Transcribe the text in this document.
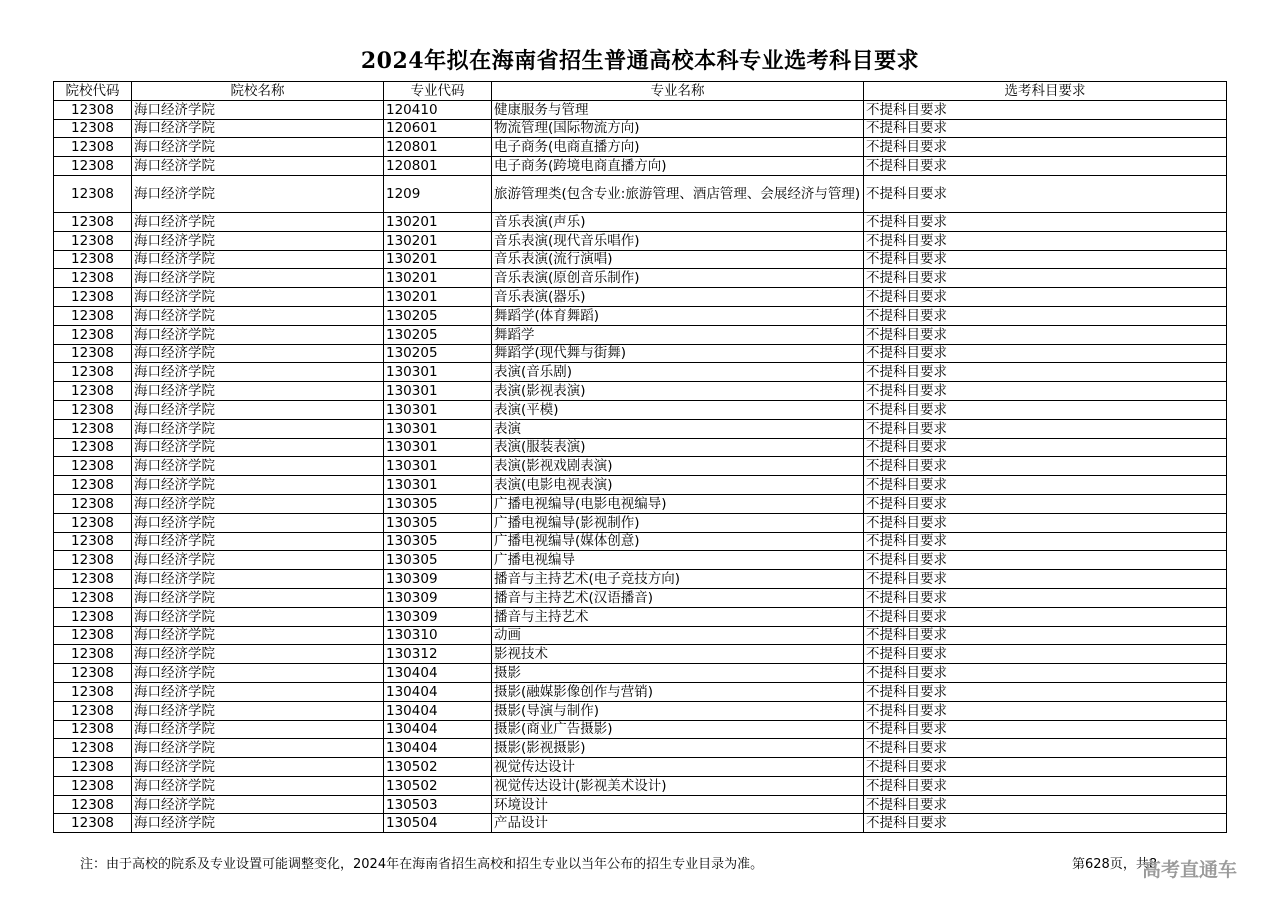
2024年拟在海南省招生普通高校本科专业选考科目要求
院校代码	院校名称	专业代码	专业名称	选考科目要求
12308	海口经济学院	120410	健康服务与管理	不提科目要求
12308	海口经济学院	120601	物流管理(国际物流方向)	不提科目要求
12308	海口经济学院	120801	电子商务(电商直播方向)	不提科目要求
12308	海口经济学院	120801	电子商务(跨境电商直播方向)	不提科目要求
12308	海口经济学院	1209	旅游管理类(包含专业:旅游管理、酒店管理、会展经济与管理)	不提科目要求
12308	海口经济学院	130201	音乐表演(声乐)	不提科目要求
12308	海口经济学院	130201	音乐表演(现代音乐唱作)	不提科目要求
12308	海口经济学院	130201	音乐表演(流行演唱)	不提科目要求
12308	海口经济学院	130201	音乐表演(原创音乐制作)	不提科目要求
12308	海口经济学院	130201	音乐表演(器乐)	不提科目要求
12308	海口经济学院	130205	舞蹈学(体育舞蹈)	不提科目要求
12308	海口经济学院	130205	舞蹈学	不提科目要求
12308	海口经济学院	130205	舞蹈学(现代舞与街舞)	不提科目要求
12308	海口经济学院	130301	表演(音乐剧)	不提科目要求
12308	海口经济学院	130301	表演(影视表演)	不提科目要求
12308	海口经济学院	130301	表演(平模)	不提科目要求
12308	海口经济学院	130301	表演	不提科目要求
12308	海口经济学院	130301	表演(服装表演)	不提科目要求
12308	海口经济学院	130301	表演(影视戏剧表演)	不提科目要求
12308	海口经济学院	130301	表演(电影电视表演)	不提科目要求
12308	海口经济学院	130305	广播电视编导(电影电视编导)	不提科目要求
12308	海口经济学院	130305	广播电视编导(影视制作)	不提科目要求
12308	海口经济学院	130305	广播电视编导(媒体创意)	不提科目要求
12308	海口经济学院	130305	广播电视编导	不提科目要求
12308	海口经济学院	130309	播音与主持艺术(电子竞技方向)	不提科目要求
12308	海口经济学院	130309	播音与主持艺术(汉语播音)	不提科目要求
12308	海口经济学院	130309	播音与主持艺术	不提科目要求
12308	海口经济学院	130310	动画	不提科目要求
12308	海口经济学院	130312	影视技术	不提科目要求
12308	海口经济学院	130404	摄影	不提科目要求
12308	海口经济学院	130404	摄影(融媒影像创作与营销)	不提科目要求
12308	海口经济学院	130404	摄影(导演与制作)	不提科目要求
12308	海口经济学院	130404	摄影(商业广告摄影)	不提科目要求
12308	海口经济学院	130404	摄影(影视摄影)	不提科目要求
12308	海口经济学院	130502	视觉传达设计	不提科目要求
12308	海口经济学院	130502	视觉传达设计(影视美术设计)	不提科目要求
12308	海口经济学院	130503	环境设计	不提科目要求
12308	海口经济学院	130504	产品设计	不提科目要求
注：由于高校的院系及专业设置可能调整变化，2024年在海南省招生高校和招生专业以当年公布的招生专业目录为准。	第628页，共8
高考直通车
